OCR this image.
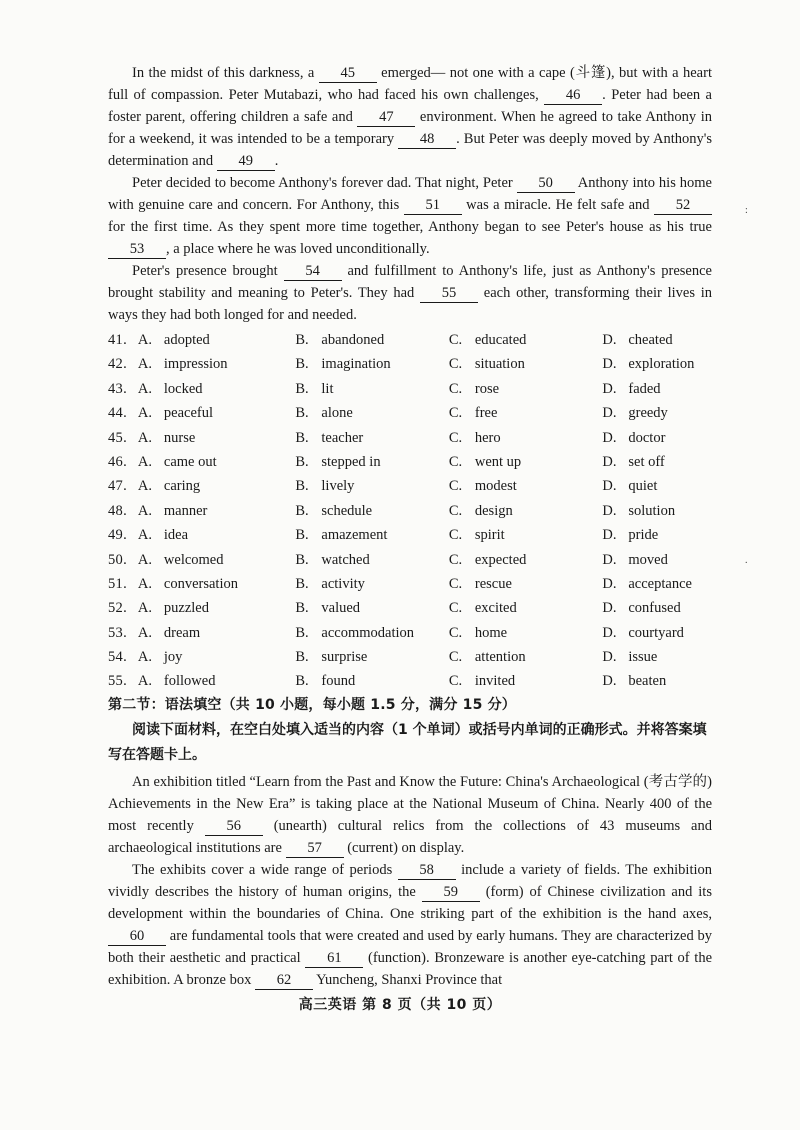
In the midst of this darkness, a 45 emerged— not one with a cape (斗篷), but with a heart full of compassion. Peter Mutabazi, who had faced his own challenges, 46 . Peter had been a foster parent, offering children a safe and 47 environment. When he agreed to take Anthony in for a weekend, it was intended to be a temporary 48 . But Peter was deeply moved by Anthony's determination and 49 .

Peter decided to become Anthony's forever dad. That night, Peter 50 Anthony into his home with genuine care and concern. For Anthony, this 51 was a miracle. He felt safe and 52 for the first time. As they spent more time together, Anthony began to see Peter's house as his true 53 , a place where he was loved unconditionally.

Peter's presence brought 54 and fulfillment to Anthony's life, just as Anthony's presence brought stability and meaning to Peter's. They had 55 each other, transforming their lives in ways they had both longed for and needed.

41. A. adopted	B. abandoned	C. educated	D. cheated
42. A. impression	B. imagination	C. situation	D. exploration
43. A. locked	B. lit	C. rose	D. faded
44. A. peaceful	B. alone	C. free	D. greedy
45. A. nurse	B. teacher	C. hero	D. doctor
46. A. came out	B. stepped in	C. went up	D. set off
47. A. caring	B. lively	C. modest	D. quiet
48. A. manner	B. schedule	C. design	D. solution
49. A. idea	B. amazement	C. spirit	D. pride
50. A. welcomed	B. watched	C. expected	D. moved
51. A. conversation	B. activity	C. rescue	D. acceptance
52. A. puzzled	B. valued	C. excited	D. confused
53. A. dream	B. accommodation	C. home	D. courtyard
54. A. joy	B. surprise	C. attention	D. issue
55. A. followed	B. found	C. invited	D. beaten
第二节：语法填空（共 10 小题，每小题 1.5 分，满分 15 分）
阅读下面材料，在空白处填入适当的内容（1 个单词）或括号内单词的正确形式。并将答案填写在答题卡上。

An exhibition titled “Learn from the Past and Know the Future: China's Archaeological (考古学的) Achievements in the New Era” is taking place at the National Museum of China. Nearly 400 of the most recently 56 (unearth) cultural relics from the collections of 43 museums and archaeological institutions are 57 (current) on display.

The exhibits cover a wide range of periods 58 include a variety of fields. The exhibition vividly describes the history of human origins, the 59 (form) of Chinese civilization and its development within the boundaries of China. One striking part of the exhibition is the hand axes, 60 are fundamental tools that were created and used by early humans. They are characterized by both their aesthetic and practical 61 (function). Bronzeware is another eye-catching part of the exhibition. A bronze box 62 Yuncheng, Shanxi Province that

高三英语 第 8 页（共 10 页）
:
.
